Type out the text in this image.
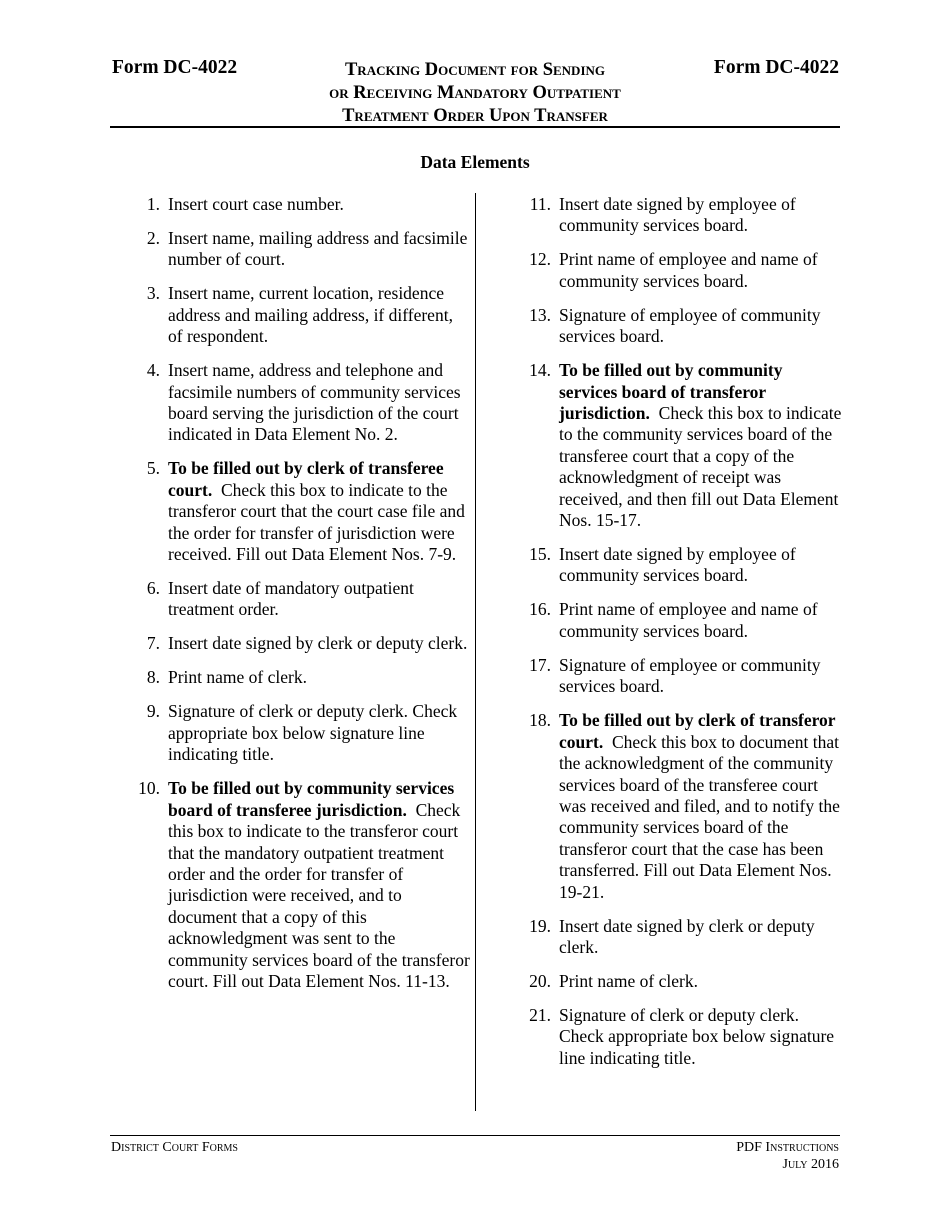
Form DC-4022	Tracking Document for Sending
or Receiving Mandatory Outpatient
Treatment Order Upon Transfer
Form DC-4022
Data Elements
1. Insert court case number.
2. Insert name, mailing address and facsimile number of court.
3. Insert name, current location, residence address and mailing address, if different, of respondent.
4. Insert name, address and telephone and facsimile numbers of community services board serving the jurisdiction of the court indicated in Data Element No. 2.
5. To be filled out by clerk of transferee court. Check this box to indicate to the transferor court that the court case file and the order for transfer of jurisdiction were received. Fill out Data Element Nos. 7-9.
6. Insert date of mandatory outpatient treatment order.
7. Insert date signed by clerk or deputy clerk.
8. Print name of clerk.
9. Signature of clerk or deputy clerk. Check appropriate box below signature line indicating title.
10. To be filled out by community services board of transferee jurisdiction. Check this box to indicate to the transferor court that the mandatory outpatient treatment order and the order for transfer of jurisdiction were received, and to document that a copy of this acknowledgment was sent to the community services board of the transferor court. Fill out Data Element Nos. 11-13.
11. Insert date signed by employee of community services board.
12. Print name of employee and name of community services board.
13. Signature of employee of community services board.
14. To be filled out by community services board of transferor jurisdiction. Check this box to indicate to the community services board of the transferee court that a copy of the acknowledgment of receipt was received, and then fill out Data Element Nos. 15-17.
15. Insert date signed by employee of community services board.
16. Print name of employee and name of community services board.
17. Signature of employee or community services board.
18. To be filled out by clerk of transferor court. Check this box to document that the acknowledgment of the community services board of the transferee court was received and filed, and to notify the community services board of the transferor court that the case has been transferred. Fill out Data Element Nos. 19-21.
19. Insert date signed by clerk or deputy clerk.
20. Print name of clerk.
21. Signature of clerk or deputy clerk. Check appropriate box below signature line indicating title.
District Court Forms	PDF Instructions
July 2016
